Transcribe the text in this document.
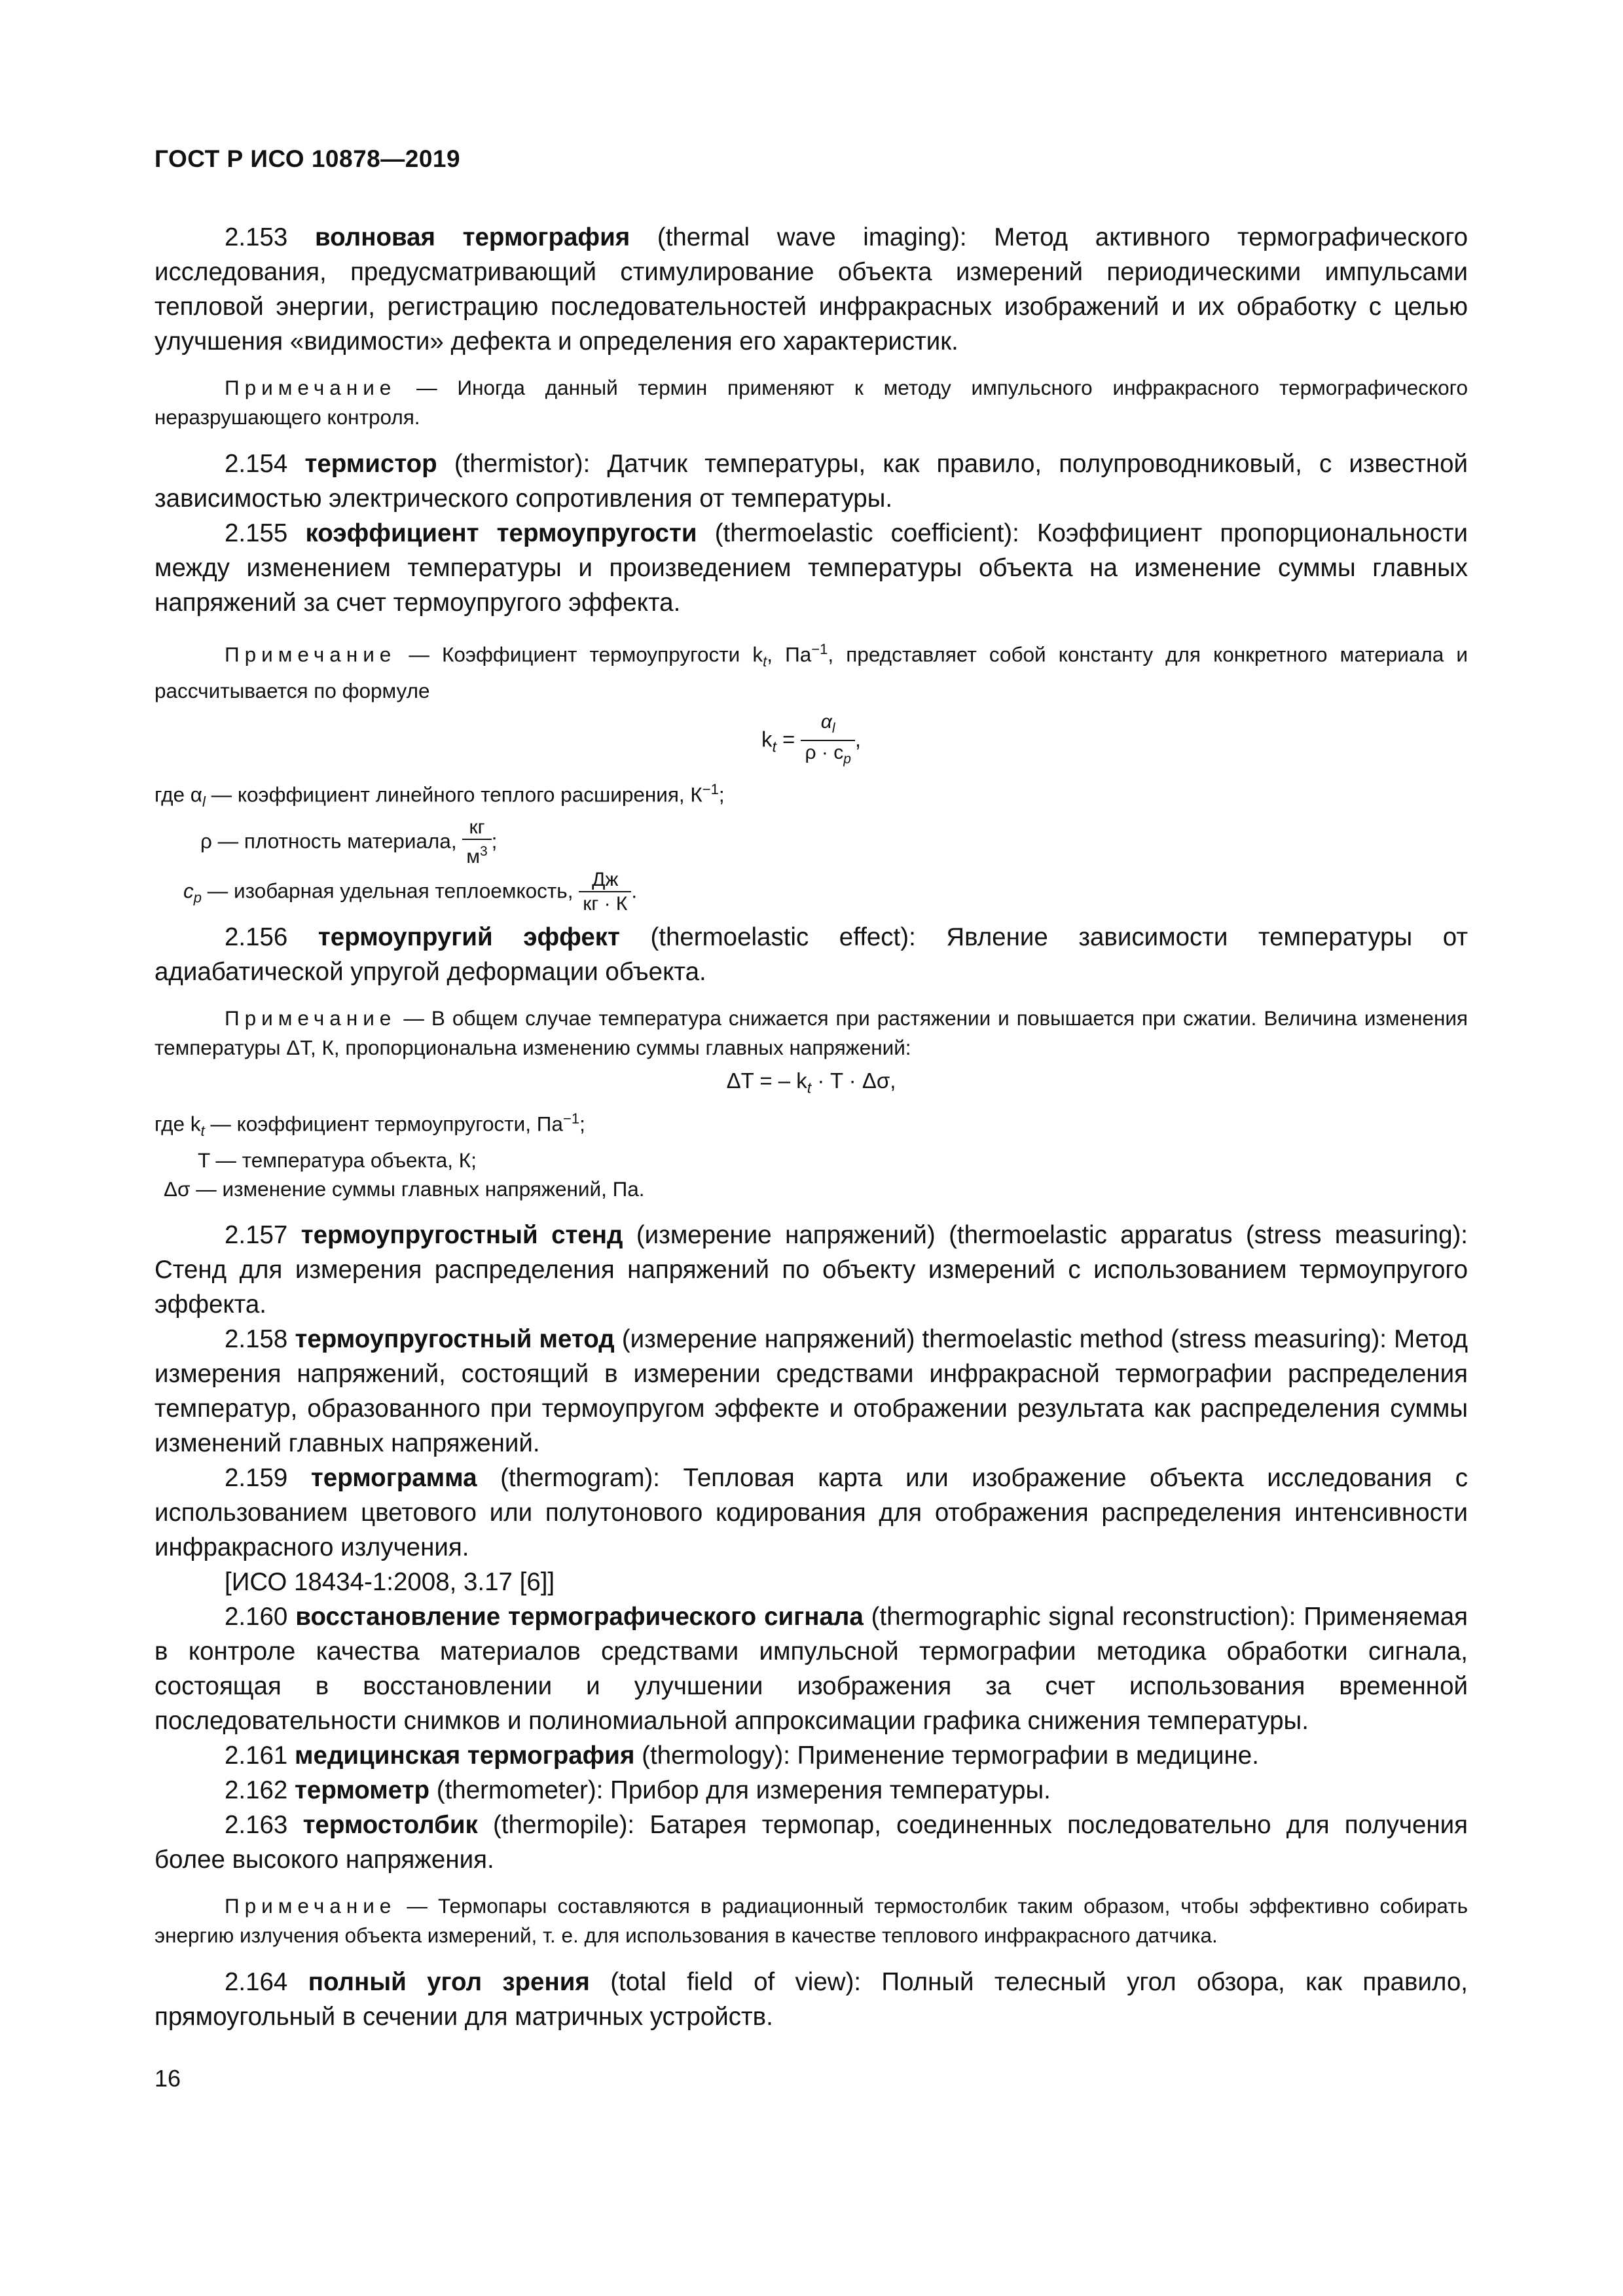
ГОСТ Р ИСО 10878—2019

2.153 волновая термография (thermal wave imaging): Метод активного термографического исследования, предусматривающий стимулирование объекта измерений периодическими импульсами тепловой энергии, регистрацию последовательностей инфракрасных изображений и их обработку с целью улучшения «видимости» дефекта и определения его характеристик.

Примечание — Иногда данный термин применяют к методу импульсного инфракрасного термографического неразрушающего контроля.

2.154 термистор (thermistor): Датчик температуры, как правило, полупроводниковый, с известной зависимостью электрического сопротивления от температуры.

2.155 коэффициент термоупругости (thermoelastic coefficient): Коэффициент пропорциональности между изменением температуры и произведением температуры объекта на изменение суммы главных напряжений за счет термоупругого эффекта.

Примечание — Коэффициент термоупругости $k_t$, $Па^{-1}$, представляет собой константу для конкретного материала и рассчитывается по формуле

$k_t = \frac{\alpha_l}{\rho \cdot c_p}$ ,

где $\alpha_l$ — коэффициент линейного теплого расширения, $К^{-1}$;

ρ — плотность материала, $\frac{кг}{м^3}$ ;

$c_p$ — изобарная удельная теплоемкость, $\frac{Дж}{кг \cdot К}$ .

2.156 термоупругий эффект (thermoelastic effect): Явление зависимости температуры от адиабатической упругой деформации объекта.

Примечание — В общем случае температура снижается при растяжении и повышается при сжатии. Величина изменения температуры ΔT, К, пропорциональна изменению суммы главных напряжений:

ΔT = – $k_t \cdot T \cdot \Delta\sigma$,

где $k_t$ — коэффициент термоупругости, $Па^{-1}$;

T — температура объекта, К;

Δσ — изменение суммы главных напряжений, Па.

2.157 термоупругостный стенд (измерение напряжений) (thermoelastic apparatus (stress measuring): Стенд для измерения распределения напряжений по объекту измерений с использованием термоупругого эффекта.

2.158 термоупругостный метод (измерение напряжений) thermoelastic method (stress measuring): Метод измерения напряжений, состоящий в измерении средствами инфракрасной термографии распределения температур, образованного при термоупругом эффекте и отображении результата как распределения суммы изменений главных напряжений.

2.159 термограмма (thermogram): Тепловая карта или изображение объекта исследования с использованием цветового или полутонового кодирования для отображения распределения интенсивности инфракрасного излучения.

[ИСО 18434-1:2008, 3.17 [6]]

2.160 восстановление термографического сигнала (thermographic signal reconstruction): Применяемая в контроле качества материалов средствами импульсной термографии методика обработки сигнала, состоящая в восстановлении и улучшении изображения за счет использования временной последовательности снимков и полиномиальной аппроксимации графика снижения температуры.

2.161 медицинская термография (thermology): Применение термографии в медицине.

2.162 термометр (thermometer): Прибор для измерения температуры.

2.163 термостолбик (thermopile): Батарея термопар, соединенных последовательно для получения более высокого напряжения.

Примечание — Термопары составляются в радиационный термостолбик таким образом, чтобы эффективно собирать энергию излучения объекта измерений, т. е. для использования в качестве теплового инфракрасного датчика.

2.164 полный угол зрения (total field of view): Полный телесный угол обзора, как правило, прямоугольный в сечении для матричных устройств.

16
